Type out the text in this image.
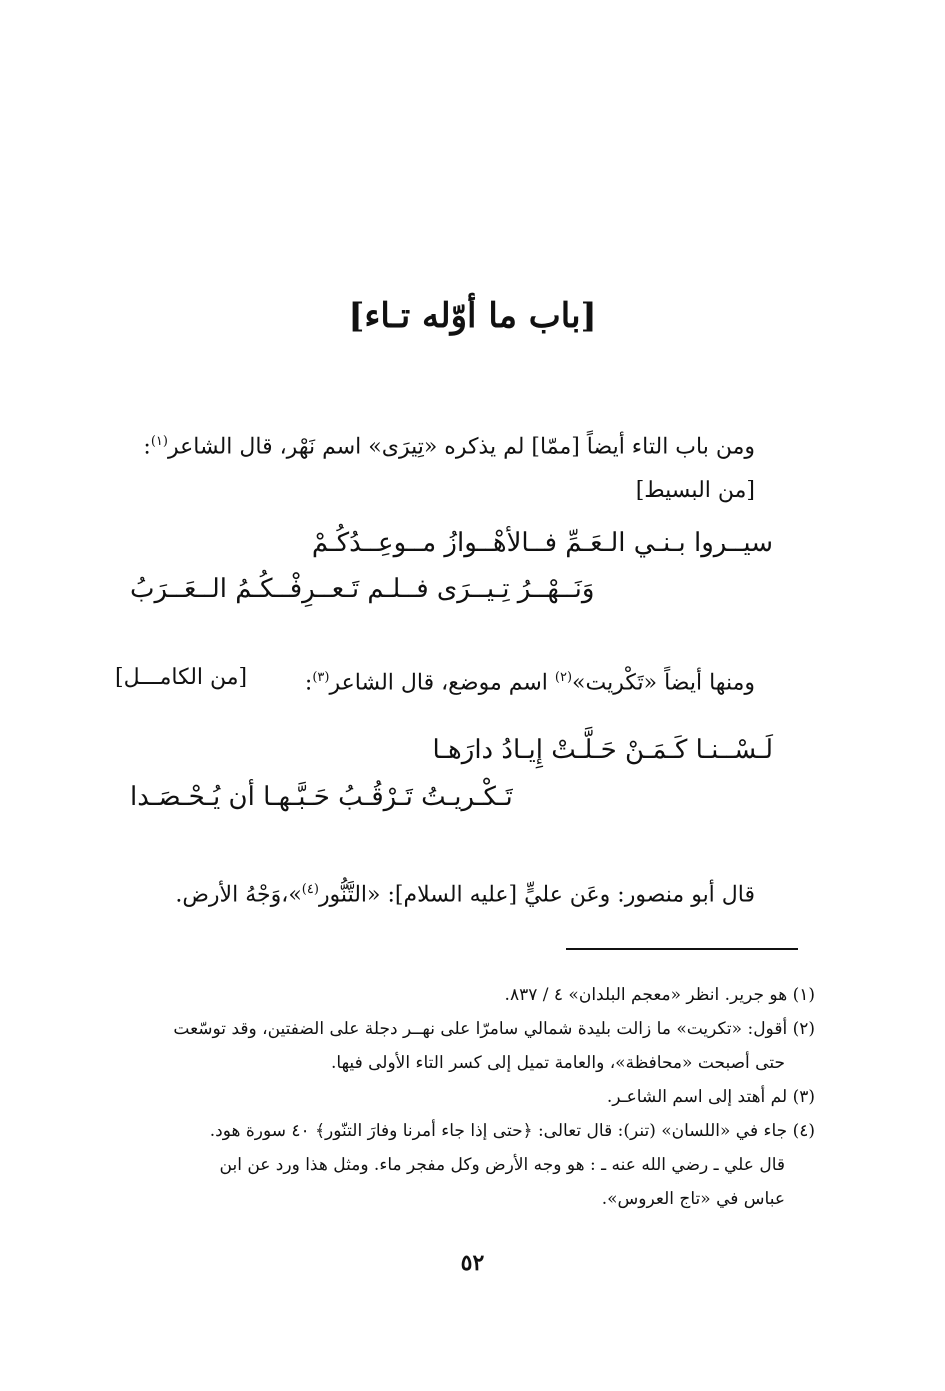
[باب ما أوّله تـاء]
ومن باب التاء أيضاً [ممّا] لم يذكره «تِيرَى» اسم نَهْر، قال الشاعر$^{(١)}$:
[من البسيط]
سيــروا بـنـي الـعَـمِّ فــالأهْــوازُ مــوعِــدُكُـمْ
وَنَــهْــرُ تِـيــرَى فــلـم تَـعــرِفْــكُـمُ الــعَــرَبُ
ومنها أيضاً «تَكْريت»$^{(٢)}$ اسم موضع، قال الشاعر$^{(٣)}$:
[من الكامـــل]
لَـسْــنـا كَـمَـنْ حَـلَّـتْ إِيـادُ دارَهـا
تَـكْـريـتُ تَـرْقُـبُ حَـبَّـهـا أن يُـحْـصَـدا
قال أبو منصور: وعَن عليٍّ [عليه السلام]: «التَّنُّور$^{(٤)}$»،وَجْهُ الأرض.

(١) هو جرير. انظر «معجم البلدان» ٤ / ٨٣٧.

(٢) أقول: «تكريت» ما زالت بليدة شمالي سامرّا على نهــر دجلة على الضفتين، وقد توسّعت
حتى أصبحت «محافظة»، والعامة تميل إلى كسر التاء الأولى فيها.

(٣) لم أهتد إلى اسم الشاعـر.

(٤) جاء في «اللسان» (تنر): قال تعالى: ﴿حتى إذا جاء أمرنا وفارَ التنّور﴾ ٤٠ سورة هود.
قال علي ـ رضي الله عنه ـ : هو وجه الأرض وكل مفجر ماء. ومثل هذا ورد عن ابن
عباس في «تاج العروس».

٥٢
